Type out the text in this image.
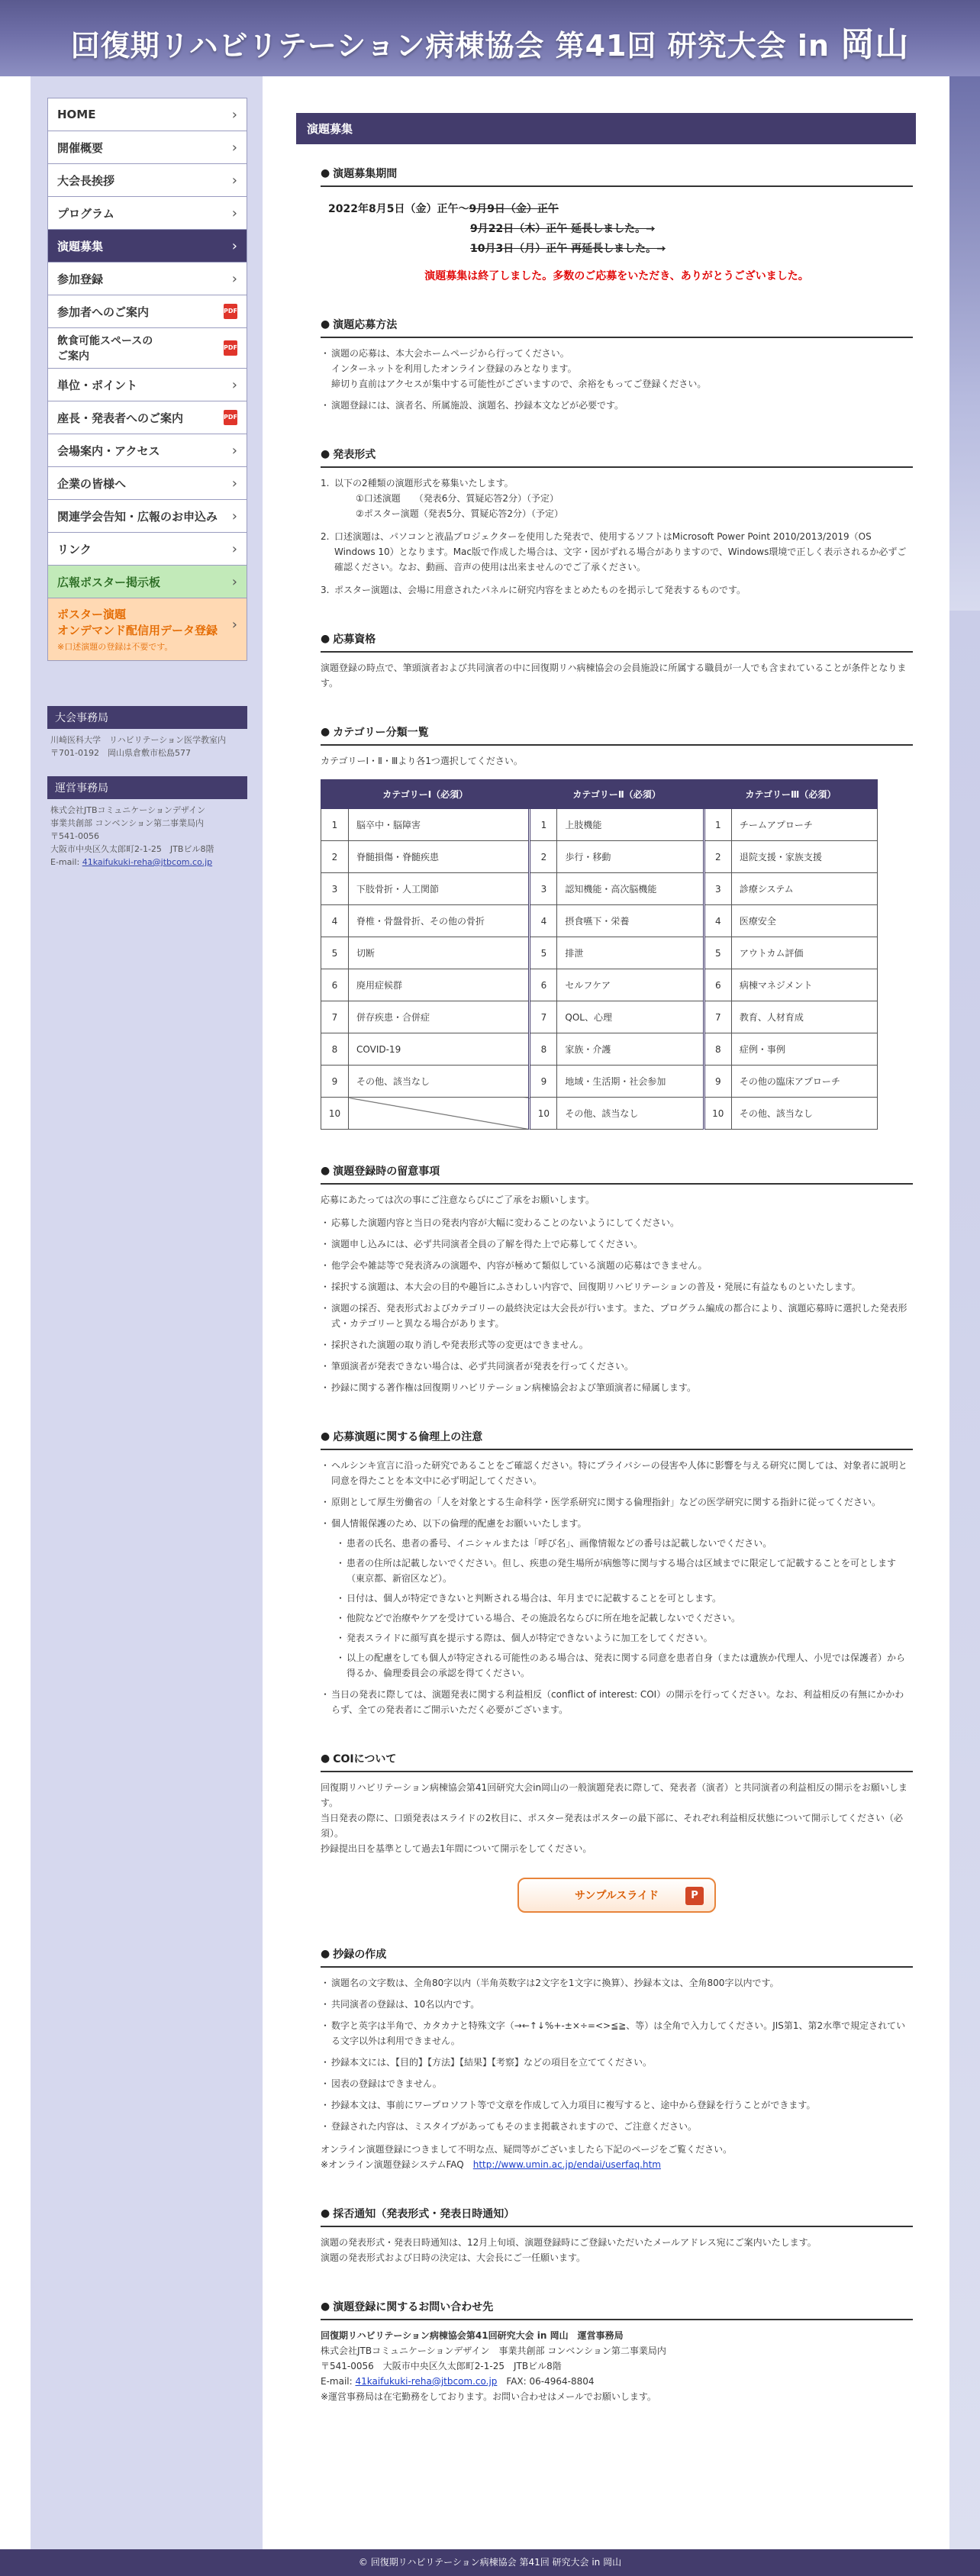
回復期リハビリテーション病棟協会 第41回 研究大会 in 岡山
HOME	›
開催概要	›
大会長挨拶	›
プログラム	›
演題募集	›
参加登録	›
参加者へのご案内	PDF
飲食可能スペースの
ご案内
PDF
単位・ポイント	›
座長・発表者へのご案内	PDF
会場案内・アクセス	›
企業の皆様へ	›
関連学会告知・広報のお申込み ›
リンク	›
広報ポスター掲示板	›
ポスター演題
オンデマンド配信用データ登録
※口述演題の登録は不要です。
›
大会事務局
川崎医科大学　リハビリテーション医学教室内
〒701-0192　岡山県倉敷市松島577
運営事務局
株式会社JTBコミュニケーションデザイン
事業共創部 コンベンション第二事業局内
〒541-0056
大阪市中央区久太郎町2-1-25　JTBビル8階
E-mail: 41kaifukuki-reha@jtbcom.co.jp
演題募集
● 演題募集期間
2022年8月5日（金）正午〜9月9日（金）正午
9月22日（木）正午 延長しました。→
10月3日（月）正午 再延長しました。→
演題募集は終了しました。多数のご応募をいただき、ありがとうございました。
● 演題応募方法
・ 演題の応募は、本大会ホームページから行ってください。
インターネットを利用したオンライン登録のみとなります。
締切り直前はアクセスが集中する可能性がございますので、余裕をもってご登録ください。
・ 演題登録には、演者名、所属施設、演題名、抄録本文などが必要です。
● 発表形式
1. 以下の2種類の演題形式を募集いたします。
①口述演題　　（発表6分、質疑応答2分）（予定）
②ポスター演題（発表5分、質疑応答2分）（予定）
2. 口述演題は、パソコンと液晶プロジェクターを使用した発表で、使用するソフトはMicrosoft Power Point 2010/2013/2019（OS Windows 10）となります。Mac版で作成した場合は、文字・図がずれる場合がありますので、Windows環境で正しく表示されるか必ずご確認ください。なお、動画、音声の使用は出来ませんのでご了承ください。
3. ポスター演題は、会場に用意されたパネルに研究内容をまとめたものを掲示して発表するものです。
● 応募資格
演題登録の時点で、筆頭演者および共同演者の中に回復期リハ病棟協会の会員施設に所属する職員が一人でも含まれていることが条件となります。
● カテゴリー分類一覧
カテゴリーⅠ・Ⅱ・Ⅲより各1つ選択してください。
カテゴリーⅠ（必須）		カテゴリーⅡ（必須）		カテゴリーⅢ（必須）	
1	脳卒中・脳障害	1	上肢機能	1	チームアプローチ
2	脊髄損傷・脊髄疾患	2	歩行・移動	2	退院支援・家族支援
3	下肢骨折・人工関節	3	認知機能・高次脳機能	3	診療システム
4	脊椎・骨盤骨折、その他の骨折	4	摂食嚥下・栄養	4	医療安全
5	切断	5	排泄	5	アウトカム評価
6	廃用症候群	6	セルフケア	6	病棟マネジメント
7	併存疾患・合併症	7	QOL、心理	7	教育、人材育成
8	COVID-19	8	家族・介護	8	症例・事例
9	その他、該当なし	9	地域・生活期・社会参加	9	その他の臨床アプローチ
10		10	その他、該当なし	10	その他、該当なし
● 演題登録時の留意事項
応募にあたっては次の事にご注意ならびにご了承をお願いします。
・ 応募した演題内容と当日の発表内容が大幅に変わることのないようにしてください。
・ 演題申し込みには、必ず共同演者全員の了解を得た上で応募してください。
・ 他学会や雑誌等で発表済みの演題や、内容が極めて類似している演題の応募はできません。
・ 採択する演題は、本大会の目的や趣旨にふさわしい内容で、回復期リハビリテーションの普及・発展に有益なものといたします。
・ 演題の採否、発表形式およびカテゴリーの最終決定は大会長が行います。また、プログラム編成の都合により、演題応募時に選択した発表形式・カテゴリーと異なる場合があります。
・ 採択された演題の取り消しや発表形式等の変更はできません。
・ 筆頭演者が発表できない場合は、必ず共同演者が発表を行ってください。
・ 抄録に関する著作権は回復期リハビリテーション病棟協会および筆頭演者に帰属します。
● 応募演題に関する倫理上の注意
・ ヘルシンキ宣言に沿った研究であることをご確認ください。特にプライバシーの侵害や人体に影響を与える研究に関しては、対象者に説明と同意を得たことを本文中に必ず明記してください。
・ 原則として厚生労働省の「人を対象とする生命科学・医学系研究に関する倫理指針」などの医学研究に関する指針に従ってください。
・ 個人情報保護のため、以下の倫理的配慮をお願いいたします。
・ 患者の氏名、患者の番号、イニシャルまたは「呼び名」、画像情報などの番号は記載しないでください。
・ 患者の住所は記載しないでください。但し、疾患の発生場所が病態等に関与する場合は区域までに限定して記載することを可とします（東京都、新宿区など）。
・ 日付は、個人が特定できないと判断される場合は、年月までに記載することを可とします。
・ 他院などで治療やケアを受けている場合、その施設名ならびに所在地を記載しないでください。
・ 発表スライドに顔写真を提示する際は、個人が特定できないように加工をしてください。
・ 以上の配慮をしても個人が特定される可能性のある場合は、発表に関する同意を患者自身（または遺族か代理人、小児では保護者）から得るか、倫理委員会の承認を得てください。
・ 当日の発表に際しては、演題発表に関する利益相反（conflict of interest: COI）の開示を行ってください。なお、利益相反の有無にかかわらず、全ての発表者にご開示いただく必要がございます。
● COIについて
回復期リハビリテーション病棟協会第41回研究大会in岡山の一般演題発表に際して、発表者（演者）と共同演者の利益相反の開示をお願いします。
当日発表の際に、口頭発表はスライドの2枚目に、ポスター発表はポスターの最下部に、それぞれ利益相反状態について開示してください（必須）。
抄録提出日を基準として過去1年間について開示をしてください。
サンプルスライド	P
● 抄録の作成
・ 演題名の文字数は、全角80字以内（半角英数字は2文字を1文字に換算）、抄録本文は、全角800字以内です。
・ 共同演者の登録は、10名以内です。
・ 数字と英字は半角で、カタカナと特殊文字（→←↑↓%+-±×÷=<>≦≧、等）は全角で入力してください。JIS第1、第2水準で規定されている文字以外は利用できません。
・ 抄録本文には、【目的】【方法】【結果】【考察】などの項目を立ててください。
・ 図表の登録はできません。
・ 抄録本文は、事前にワープロソフト等で文章を作成して入力項目に複写すると、途中から登録を行うことができます。
・ 登録された内容は、ミスタイプがあってもそのまま掲載されますので、ご注意ください。
オンライン演題登録につきまして不明な点、疑問等がございましたら下記のページをご覧ください。
※オンライン演題登録システムFAQ　http://www.umin.ac.jp/endai/userfaq.htm
● 採否通知（発表形式・発表日時通知）
演題の発表形式・発表日時通知は、12月上旬頃、演題登録時にご登録いただいたメールアドレス宛にご案内いたします。
演題の発表形式および日時の決定は、大会長にご一任願います。
● 演題登録に関するお問い合わせ先
回復期リハビリテーション病棟協会第41回研究大会 in 岡山　運営事務局
株式会社JTBコミュニケーションデザイン　事業共創部 コンベンション第二事業局内
〒541-0056　大阪市中央区久太郎町2-1-25　JTBビル8階
E-mail: 41kaifukuki-reha@jtbcom.co.jp　FAX: 06-4964-8804
※運営事務局は在宅勤務をしております。お問い合わせはメールでお願いします。
© 回復期リハビリテーション病棟協会 第41回 研究大会 in 岡山
